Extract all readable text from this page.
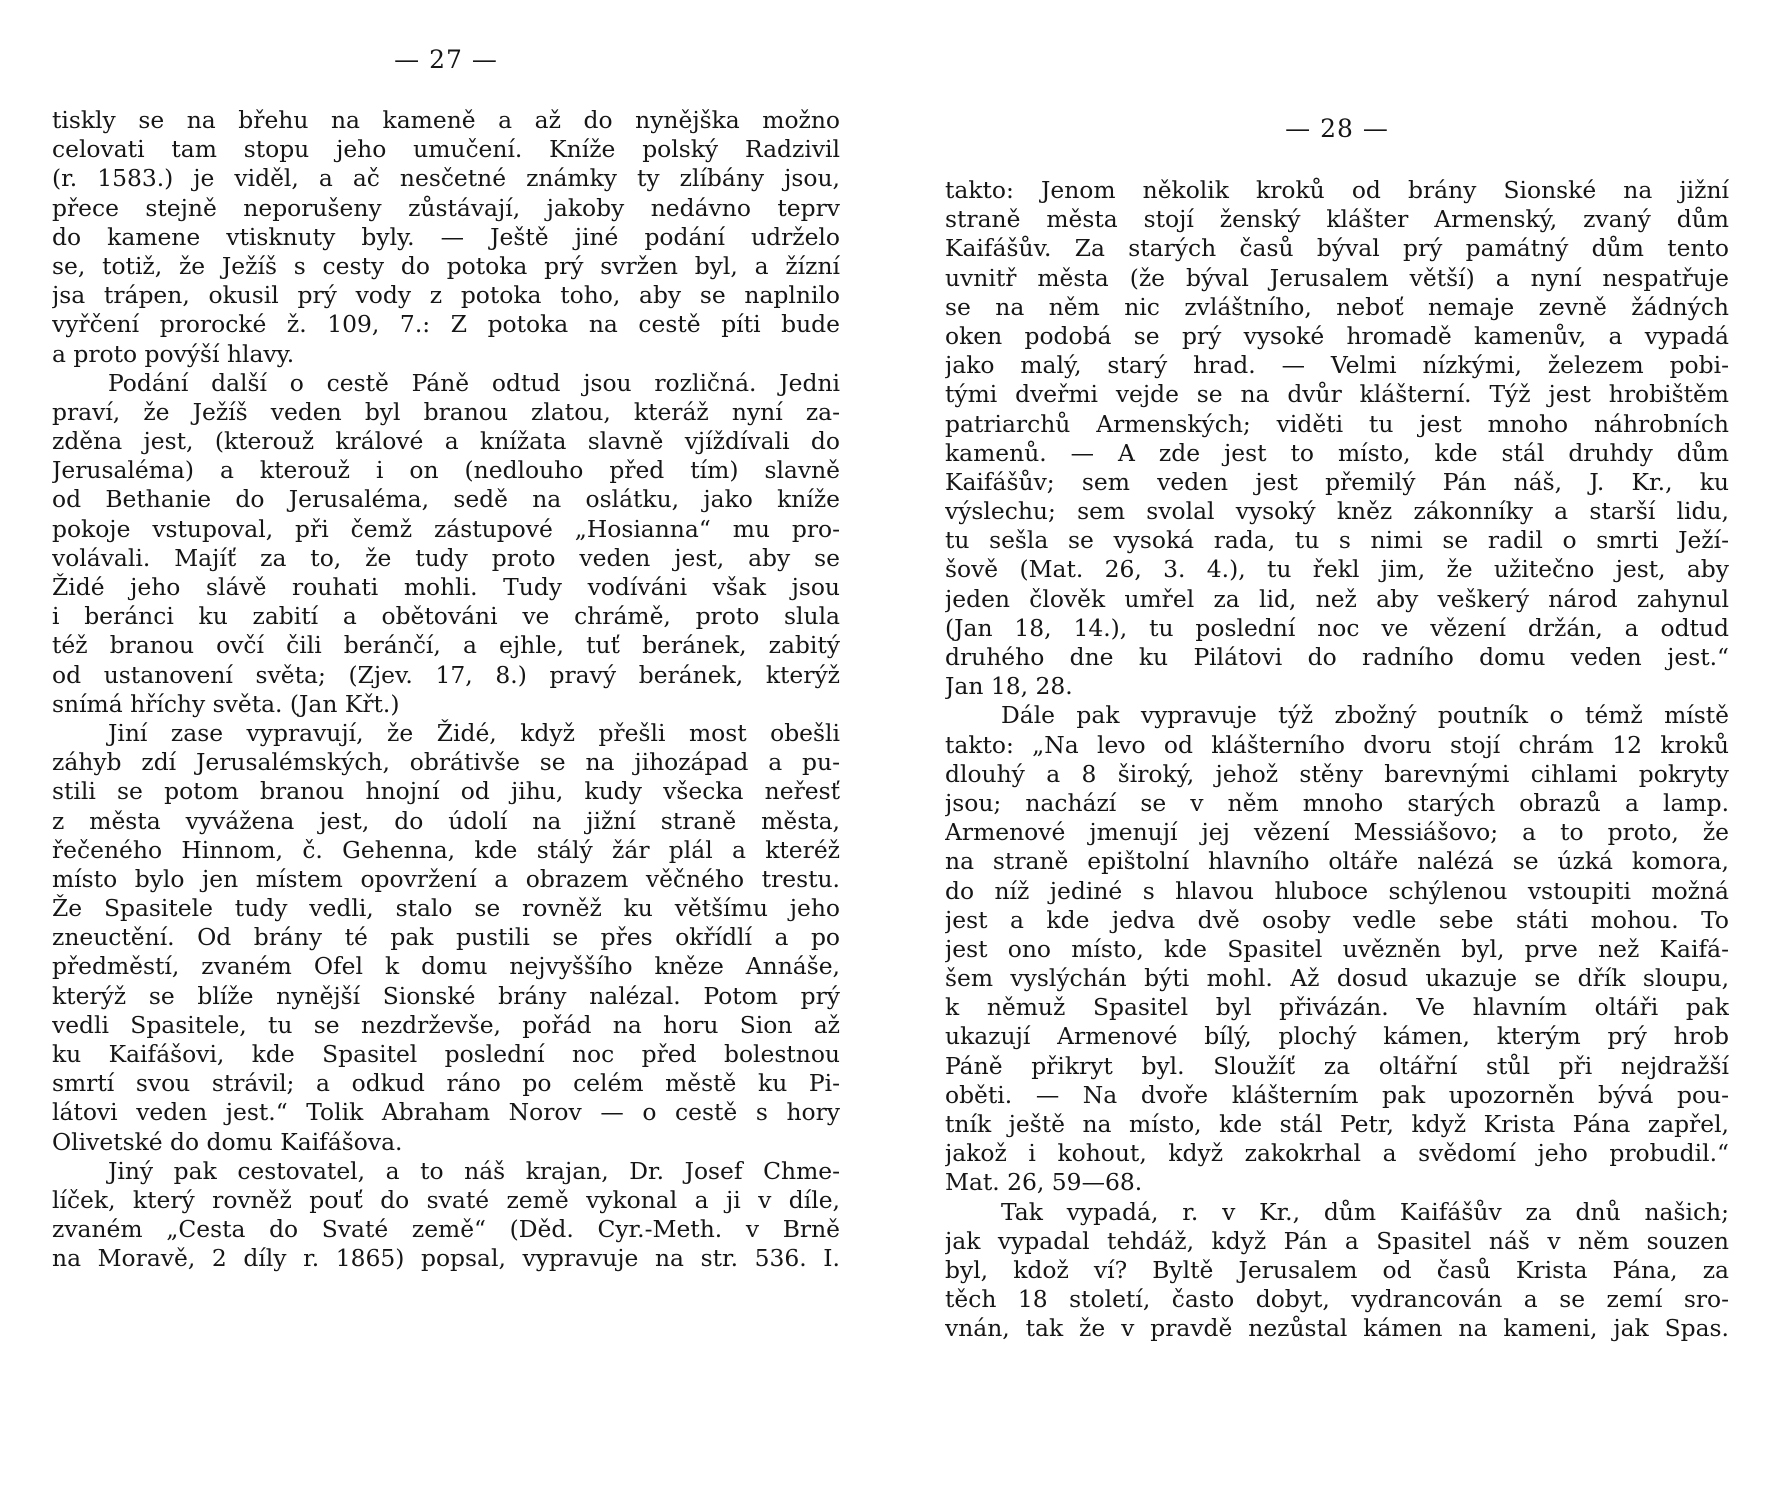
— 27 —
tiskly se na břehu na kameně a až do nynějška možno
celovati tam stopu jeho umučení. Kníže polský Radzivil
(r. 1583.) je viděl, a ač nesčetné známky ty zlíbány jsou,
přece stejně neporušeny zůstávají, jakoby nedávno teprv
do kamene vtisknuty byly. — Ještě jiné podání udrželo
se, totiž, že Ježíš s cesty do potoka prý svržen byl, a žízní
jsa trápen, okusil prý vody z potoka toho, aby se naplnilo
vyřčení prorocké ž. 109, 7.: Z potoka na cestě píti bude
a proto povýší hlavy.
Podání další o cestě Páně odtud jsou rozličná. Jedni
praví, že Ježíš veden byl branou zlatou, kteráž nyní za-
zděna jest, (kterouž králové a knížata slavně vjíždívali do
Jerusaléma) a kterouž i on (nedlouho před tím) slavně
od Bethanie do Jerusaléma, sedě na oslátku, jako kníže
pokoje vstupoval, při čemž zástupové „Hosianna“ mu pro-
volávali. Majíť za to, že tudy proto veden jest, aby se
Židé jeho slávě rouhati mohli. Tudy vodíváni však jsou
i beránci ku zabití a obětováni ve chrámě, proto slula
též branou ovčí čili beránčí, a ejhle, tuť beránek, zabitý
od ustanovení světa; (Zjev. 17, 8.) pravý beránek, kterýž
snímá hříchy světa. (Jan Křt.)
Jiní zase vypravují, že Židé, když přešli most obešli
záhyb zdí Jerusalémských, obrátivše se na jihozápad a pu-
stili se potom branou hnojní od jihu, kudy všecka neřesť
z města vyvážena jest, do údolí na jižní straně města,
řečeného Hinnom, č. Gehenna, kde stálý žár plál a kteréž
místo bylo jen místem opovržení a obrazem věčného trestu.
Že Spasitele tudy vedli, stalo se rovněž ku většímu jeho
zneuctění. Od brány té pak pustili se přes okřídlí a po
předměstí, zvaném Ofel k domu nejvyššího kněze Annáše,
kterýž se blíže nynější Sionské brány nalézal. Potom prý
vedli Spasitele, tu se nezdrževše, pořád na horu Sion až
ku Kaifášovi, kde Spasitel poslední noc před bolestnou
smrtí svou strávil; a odkud ráno po celém městě ku Pi-
látovi veden jest.“ Tolik Abraham Norov — o cestě s hory
Olivetské do domu Kaifášova.
Jiný pak cestovatel, a to náš krajan, Dr. Josef Chme-
líček, který rovněž pouť do svaté země vykonal a ji v díle,
zvaném „Cesta do Svaté země“ (Děd. Cyr.-Meth. v Brně
na Moravě, 2 díly r. 1865) popsal, vypravuje na str. 536. I.
— 28 —
takto: Jenom několik kroků od brány Sionské na jižní
straně města stojí ženský klášter Armenský, zvaný dům
Kaifášův. Za starých časů býval prý památný dům tento
uvnitř města (že býval Jerusalem větší) a nyní nespatřuje
se na něm nic zvláštního, neboť nemaje zevně žádných
oken podobá se prý vysoké hromadě kamenův, a vypadá
jako malý, starý hrad. — Velmi nízkými, železem pobi-
tými dveřmi vejde se na dvůr klášterní. Týž jest hrobištěm
patriarchů Armenských; viděti tu jest mnoho náhrobních
kamenů. — A zde jest to místo, kde stál druhdy dům
Kaifášův; sem veden jest přemilý Pán náš, J. Kr., ku
výslechu; sem svolal vysoký kněz zákonníky a starší lidu,
tu sešla se vysoká rada, tu s nimi se radil o smrti Ježí-
šově (Mat. 26, 3. 4.), tu řekl jim, že užitečno jest, aby
jeden člověk umřel za lid, než aby veškerý národ zahynul
(Jan 18, 14.), tu poslední noc ve vězení držán, a odtud
druhého dne ku Pilátovi do radního domu veden jest.“
Jan 18, 28.
Dále pak vypravuje týž zbožný poutník o témž místě
takto: „Na levo od klášterního dvoru stojí chrám 12 kroků
dlouhý a 8 široký, jehož stěny barevnými cihlami pokryty
jsou; nachází se v něm mnoho starých obrazů a lamp.
Armenové jmenují jej vězení Messiášovo; a to proto, že
na straně epištolní hlavního oltáře nalézá se úzká komora,
do níž jediné s hlavou hluboce schýlenou vstoupiti možná
jest a kde jedva dvě osoby vedle sebe státi mohou. To
jest ono místo, kde Spasitel uvězněn byl, prve než Kaifá-
šem vyslýchán býti mohl. Až dosud ukazuje se dřík sloupu,
k němuž Spasitel byl přivázán. Ve hlavním oltáři pak
ukazují Armenové bílý, plochý kámen, kterým prý hrob
Páně přikryt byl. Sloužíť za oltářní stůl při nejdražší
oběti. — Na dvoře klášterním pak upozorněn bývá pou-
tník ještě na místo, kde stál Petr, když Krista Pána zapřel,
jakož i kohout, když zakokrhal a svědomí jeho probudil.“
Mat. 26, 59—68.
Tak vypadá, r. v Kr., dům Kaifášův za dnů našich;
jak vypadal tehdáž, když Pán a Spasitel náš v něm souzen
byl, kdož ví? Byltě Jerusalem od časů Krista Pána, za
těch 18 století, často dobyt, vydrancován a se zemí sro-
vnán, tak že v pravdě nezůstal kámen na kameni, jak Spas.
